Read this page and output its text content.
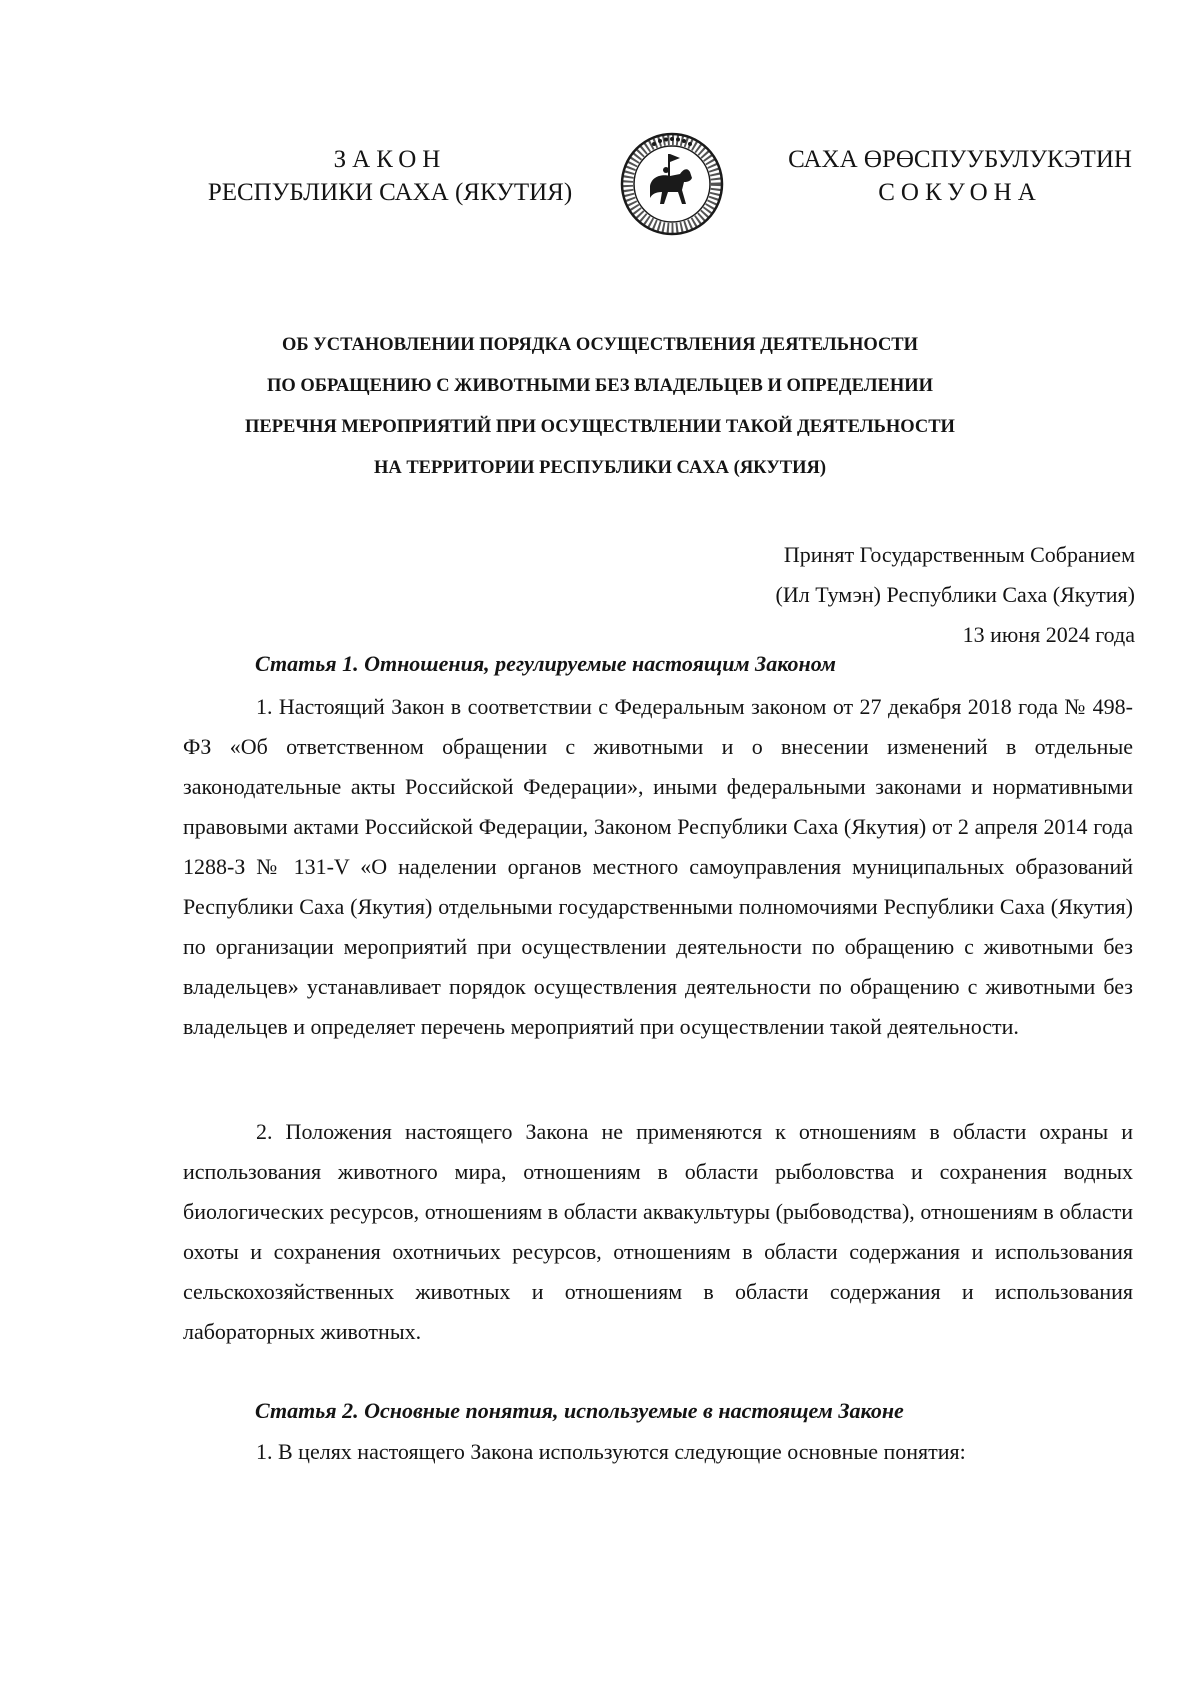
ЗАКОН
РЕСПУБЛИКИ САХА (ЯКУТИЯ)
САХА ӨРӨСПУУБУЛУКЭТИН
СОКУОНА
ОБ УСТАНОВЛЕНИИ ПОРЯДКА ОСУЩЕСТВЛЕНИЯ ДЕЯТЕЛЬНОСТИ
ПО ОБРАЩЕНИЮ С ЖИВОТНЫМИ БЕЗ ВЛАДЕЛЬЦЕВ И ОПРЕДЕЛЕНИИ
ПЕРЕЧНЯ МЕРОПРИЯТИЙ ПРИ ОСУЩЕСТВЛЕНИИ ТАКОЙ ДЕЯТЕЛЬНОСТИ
НА ТЕРРИТОРИИ РЕСПУБЛИКИ САХА (ЯКУТИЯ)
Принят Государственным Собранием
(Ил Тумэн) Республики Саха (Якутия)
13 июня 2024 года
Статья 1. Отношения, регулируемые настоящим Законом
1. Настоящий Закон в соответствии с Федеральным законом от 27 декабря 2018 года № 498-ФЗ «Об ответственном обращении с животными и о внесении изменений в отдельные законодательные акты Российской Федерации», иными федеральными законами и нормативными правовыми актами Российской Федерации, Законом Республики Саха (Якутия) от 2 апреля 2014 года 1288-З № 131-V «О наделении органов местного самоуправления муниципальных образований Республики Саха (Якутия) отдельными государственными полномочиями Республики Саха (Якутия) по организации мероприятий при осуществлении деятельности по обращению с животными без владельцев» устанавливает порядок осуществления деятельности по обращению с животными без владельцев и определяет перечень мероприятий при осуществлении такой деятельности.
2. Положения настоящего Закона не применяются к отношениям в области охраны и использования животного мира, отношениям в области рыболовства и сохранения водных биологических ресурсов, отношениям в области аквакультуры (рыбоводства), отношениям в области охоты и сохранения охотничьих ресурсов, отношениям в области содержания и использования сельскохозяйственных животных и отношениям в области содержания и использования лабораторных животных.
Статья 2. Основные понятия, используемые в настоящем Законе
1. В целях настоящего Закона используются следующие основные понятия:
